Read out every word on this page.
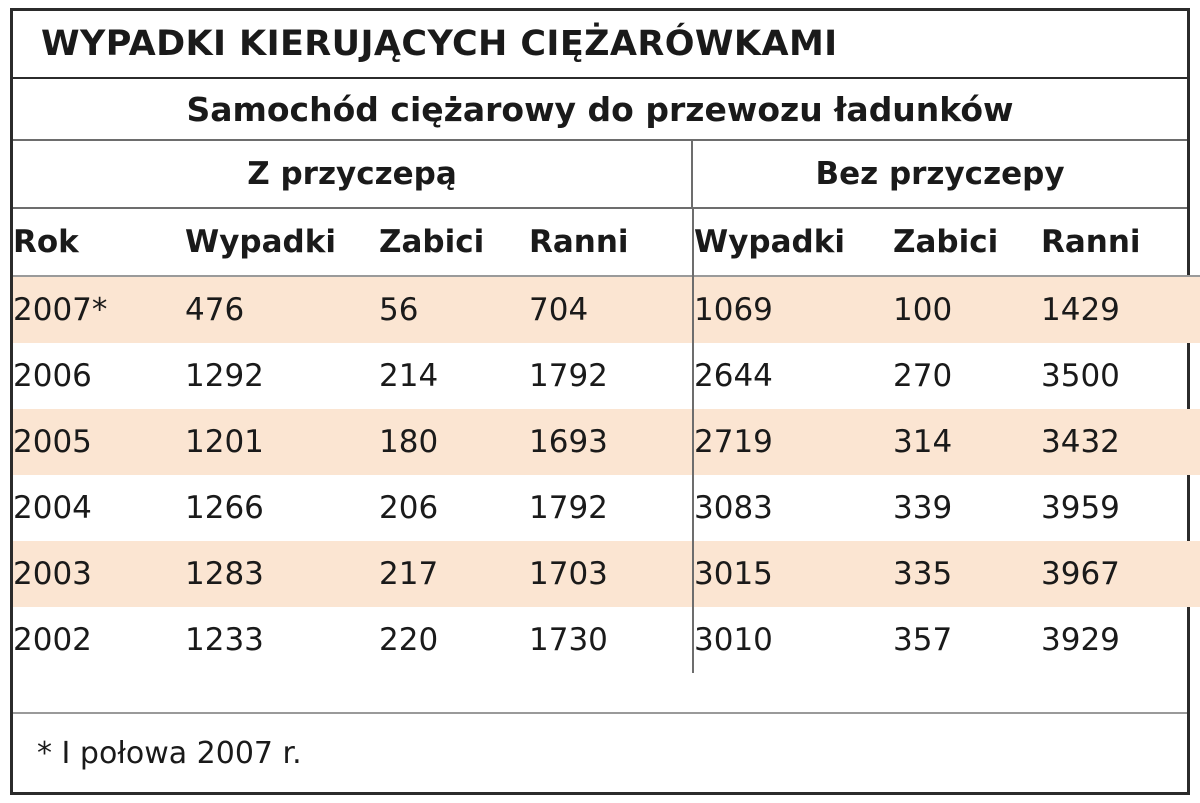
WYPADKI KIERUJĄCYCH CIĘŻARÓWKAMI
Samochód ciężarowy do przewozu ładunków
Z przyczepą	Bez przyczepy
Rok	Wypadki	Zabici	Ranni	Wypadki	Zabici	Ranni
2007*	476	56	704	1069	100	1429
2006	1292	214	1792	2644	270	3500
2005	1201	180	1693	2719	314	3432
2004	1266	206	1792	3083	339	3959
2003	1283	217	1703	3015	335	3967
2002	1233	220	1730	3010	357	3929
* I połowa 2007 r.
